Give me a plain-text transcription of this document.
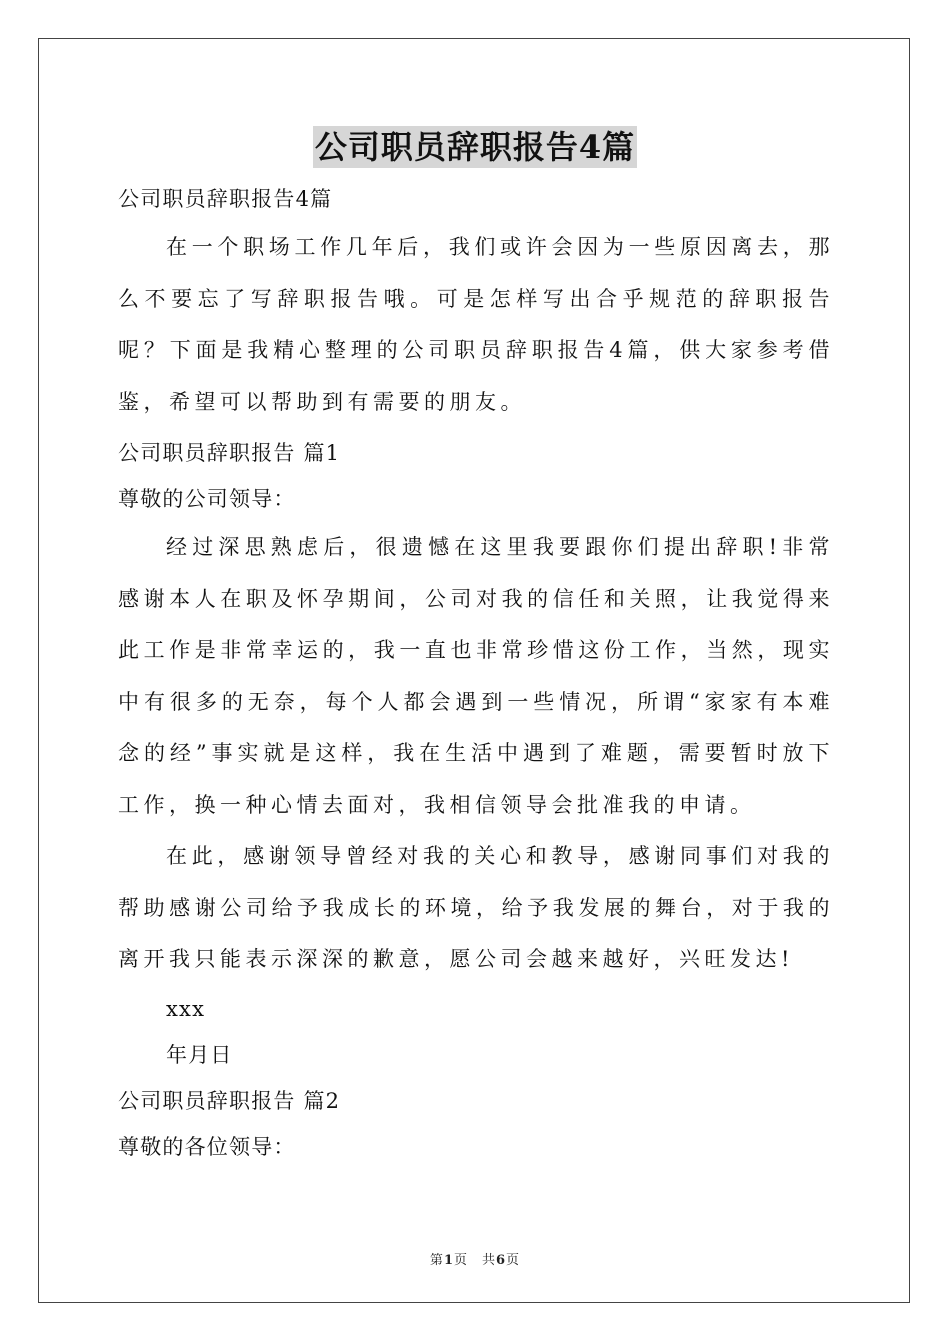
公司职员辞职报告4篇
公司职员辞职报告4篇

在一个职场工作几年后，我们或许会因为一些原因离去，那么不要忘了写辞职报告哦。可是怎样写出合乎规范的辞职报告呢？下面是我精心整理的公司职员辞职报告4篇，供大家参考借鉴，希望可以帮助到有需要的朋友。

公司职员辞职报告 篇1
尊敬的公司领导：

经过深思熟虑后，很遗憾在这里我要跟你们提出辞职!非常感谢本人在职及怀孕期间，公司对我的信任和关照，让我觉得来此工作是非常幸运的，我一直也非常珍惜这份工作，当然，现实中有很多的无奈，每个人都会遇到一些情况，所谓“家家有本难念的经”事实就是这样，我在生活中遇到了难题，需要暂时放下工作，换一种心情去面对，我相信领导会批准我的申请。

在此，感谢领导曾经对我的关心和教导，感谢同事们对我的帮助感谢公司给予我成长的环境，给予我发展的舞台，对于我的离开我只能表示深深的歉意，愿公司会越来越好，兴旺发达!

xxx
年月日
公司职员辞职报告 篇2
尊敬的各位领导：
第1页　共6页
